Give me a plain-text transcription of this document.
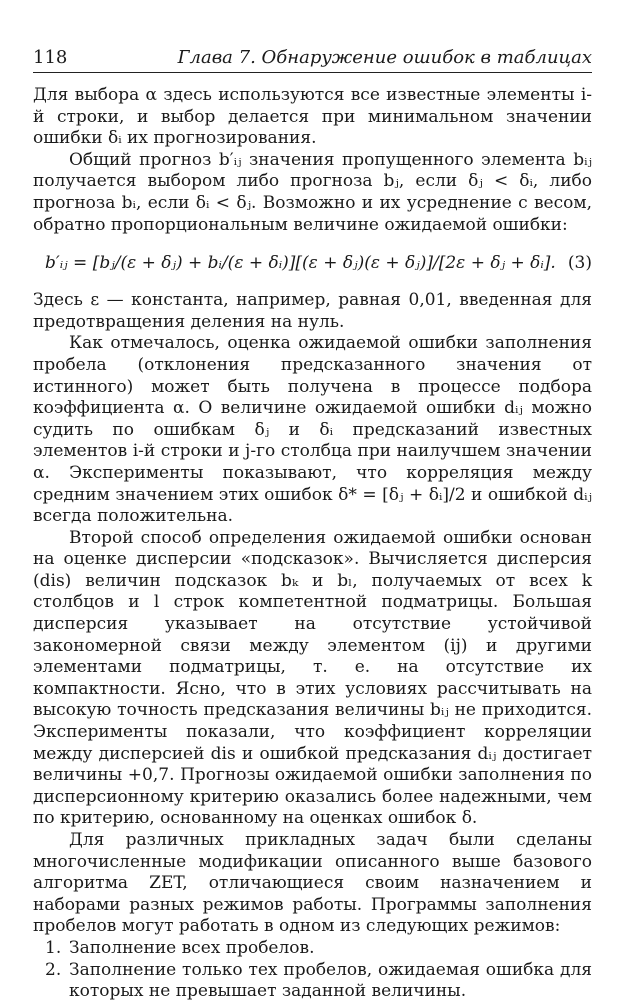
118	Глава 7. Обнаружение ошибок в таблицах

Для выбора α здесь используются все известные элементы i-й строки, и выбор делается при минимальном значении ошибки δᵢ их прогнозирования.

Общий прогноз b′ᵢⱼ значения пропущенного элемента bᵢⱼ получается выбором либо прогноза bⱼ, если δⱼ < δᵢ, либо прогноза bᵢ, если δᵢ < δⱼ. Возможно и их усреднение с весом, обратно пропорциональным величине ожидаемой ошибки:

b′ᵢⱼ = [bⱼ/(ε + δⱼ) + bᵢ/(ε + δᵢ)][(ε + δⱼ)(ε + δⱼ)]/[2ε + δⱼ + δᵢ]. (3)

Здесь ε — константа, например, равная 0,01, введенная для предотвращения деления на нуль.

Как отмечалось, оценка ожидаемой ошибки заполнения пробела (отклонения предсказанного значения от истинного) может быть получена в процессе подбора коэффициента α. О величине ожидаемой ошибки dᵢⱼ можно судить по ошибкам δⱼ и δᵢ предсказаний известных элементов i-й строки и j-го столбца при наилучшем значении α. Эксперименты показывают, что корреляция между средним значением этих ошибок δ* = [δⱼ + δᵢ]/2 и ошибкой dᵢⱼ всегда положительна.

Второй способ определения ожидаемой ошибки основан на оценке дисперсии «подсказок». Вычисляется дисперсия (dis) величин подсказок bₖ и bₗ, получаемых от всех k столбцов и l строк компетентной подматрицы. Большая дисперсия указывает на отсутствие устойчивой закономерной связи между элементом (ij) и другими элементами подматрицы, т. е. на отсутствие их компактности. Ясно, что в этих условиях рассчитывать на высокую точность предсказания величины bᵢⱼ не приходится. Эксперименты показали, что коэффициент корреляции между дисперсией dis и ошибкой предсказания dᵢⱼ достигает величины +0,7. Прогнозы ожидаемой ошибки заполнения по дисперсионному критерию оказались более надежными, чем по критерию, основанному на оценках ошибок δ.

Для различных прикладных задач были сделаны многочисленные модификации описанного выше базового алгоритма ZET, отличающиеся своим назначением и наборами разных режимов работы. Программы заполнения пробелов могут работать в одном из следующих режимов:

1. Заполнение всех пробелов.
2. Заполнение только тех пробелов, ожидаемая ошибка для которых не превышает заданной величины.
